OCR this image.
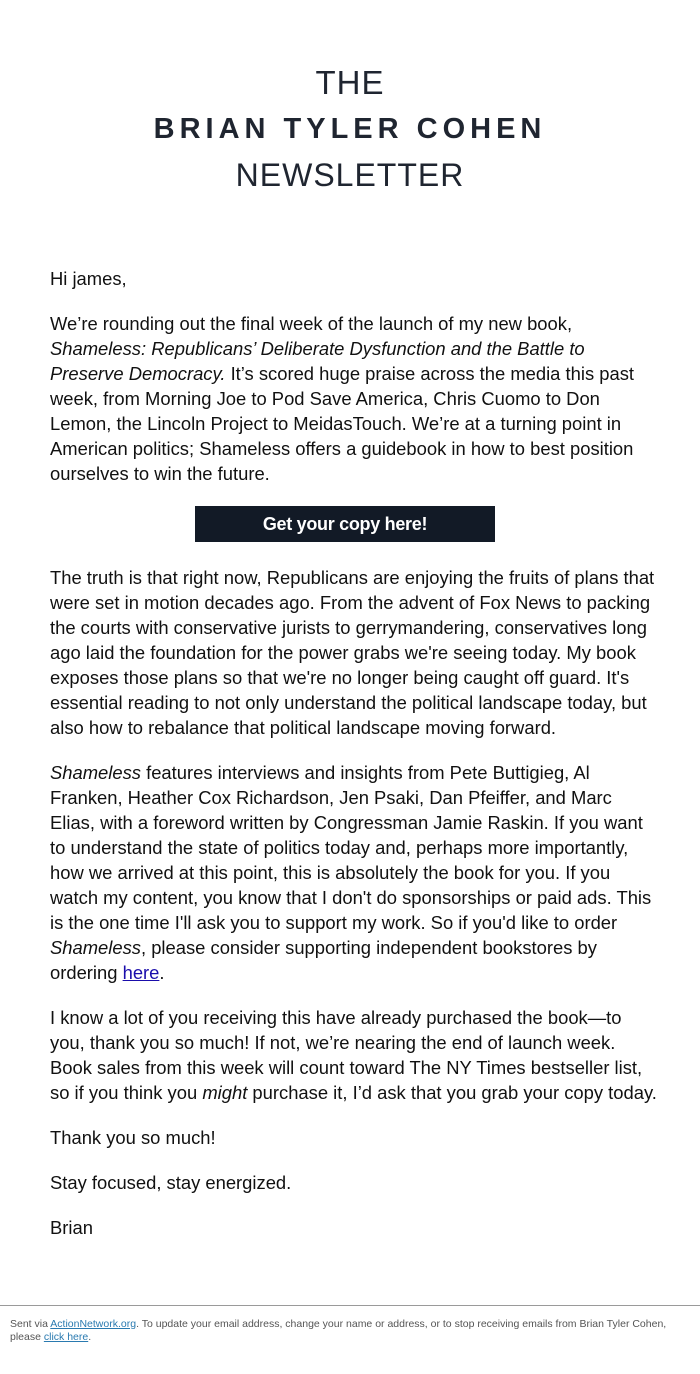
THE
BRIAN TYLER COHEN
NEWSLETTER

Hi james,

We’re rounding out the final week of the launch of my new book, Shameless: Republicans’ Deliberate Dysfunction and the Battle to Preserve Democracy. It’s scored huge praise across the media this past week, from Morning Joe to Pod Save America, Chris Cuomo to Don Lemon, the Lincoln Project to MeidasTouch. We’re at a turning point in American politics; Shameless offers a guidebook in how to best position ourselves to win the future.

Get your copy here!

The truth is that right now, Republicans are enjoying the fruits of plans that were set in motion decades ago. From the advent of Fox News to packing the courts with conservative jurists to gerrymandering, conservatives long ago laid the foundation for the power grabs we're seeing today. My book exposes those plans so that we're no longer being caught off guard. It's essential reading to not only understand the political landscape today, but also how to rebalance that political landscape moving forward.

Shameless features interviews and insights from Pete Buttigieg, Al Franken, Heather Cox Richardson, Jen Psaki, Dan Pfeiffer, and Marc Elias, with a foreword written by Congressman Jamie Raskin. If you want to understand the state of politics today and, perhaps more importantly, how we arrived at this point, this is absolutely the book for you. If you watch my content, you know that I don't do sponsorships or paid ads. This is the one time I'll ask you to support my work. So if you'd like to order Shameless, please consider supporting independent bookstores by ordering here.

I know a lot of you receiving this have already purchased the book—to you, thank you so much! If not, we’re nearing the end of launch week. Book sales from this week will count toward The NY Times bestseller list, so if you think you might purchase it, I’d ask that you grab your copy today.

Thank you so much!

Stay focused, stay energized.

Brian

Sent via ActionNetwork.org. To update your email address, change your name or address, or to stop receiving emails from Brian Tyler Cohen, please click here.
